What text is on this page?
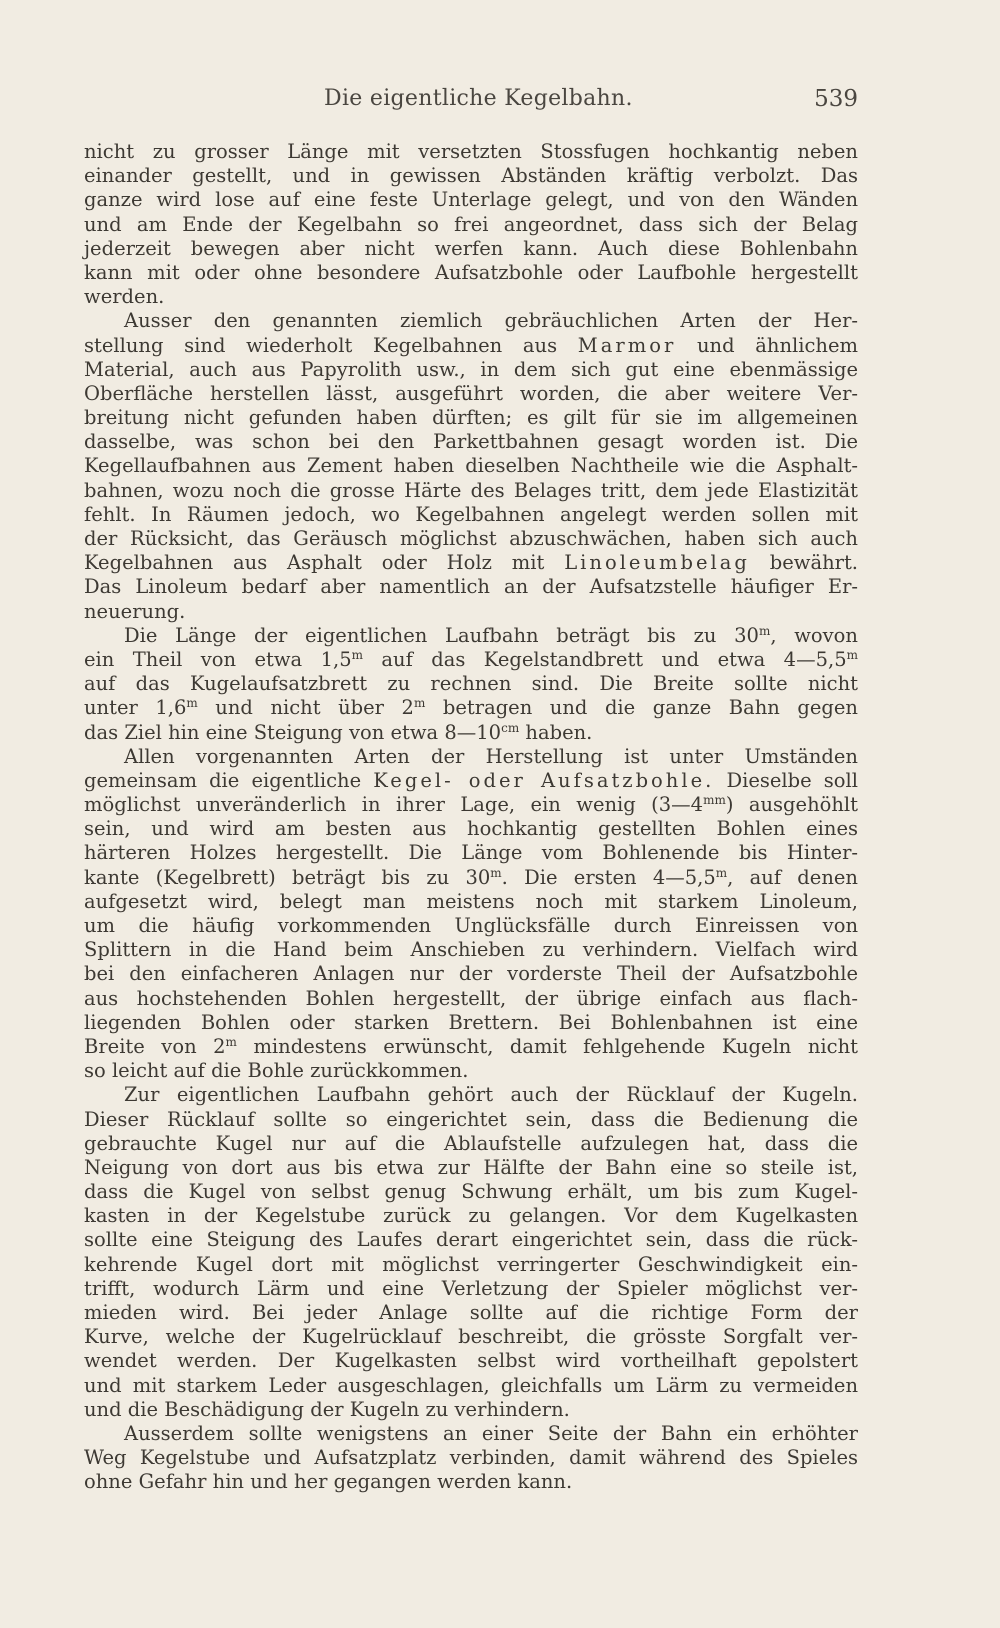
Die eigentliche Kegelbahn.	539
nicht zu grosser Länge mit versetzten Stossfugen hochkantig neben
einander gestellt, und in gewissen Abständen kräftig verbolzt. Das
ganze wird lose auf eine feste Unterlage gelegt, und von den Wänden
und am Ende der Kegelbahn so frei angeordnet, dass sich der Belag
jederzeit bewegen aber nicht werfen kann. Auch diese Bohlenbahn
kann mit oder ohne besondere Aufsatzbohle oder Laufbohle hergestellt
werden.
Ausser den genannten ziemlich gebräuchlichen Arten der Her-
stellung sind wiederholt Kegelbahnen aus Marmor und ähnlichem
Material, auch aus Papyrolith usw., in dem sich gut eine ebenmässige
Oberfläche herstellen lässt, ausgeführt worden, die aber weitere Ver-
breitung nicht gefunden haben dürften; es gilt für sie im allgemeinen
dasselbe, was schon bei den Parkettbahnen gesagt worden ist. Die
Kegellaufbahnen aus Zement haben dieselben Nachtheile wie die Asphalt-
bahnen, wozu noch die grosse Härte des Belages tritt, dem jede Elastizität
fehlt. In Räumen jedoch, wo Kegelbahnen angelegt werden sollen mit
der Rücksicht, das Geräusch möglichst abzuschwächen, haben sich auch
Kegelbahnen aus Asphalt oder Holz mit Linoleumbelag bewährt.
Das Linoleum bedarf aber namentlich an der Aufsatzstelle häufiger Er-
neuerung.
Die Länge der eigentlichen Laufbahn beträgt bis zu 30$^m$, wovon
ein Theil von etwa 1,5$^m$ auf das Kegelstandbrett und etwa 4—5,5$^m$
auf das Kugelaufsatzbrett zu rechnen sind. Die Breite sollte nicht
unter 1,6$^m$ und nicht über 2$^m$ betragen und die ganze Bahn gegen
das Ziel hin eine Steigung von etwa $8—10^{cm}$ haben.
Allen vorgenannten Arten der Herstellung ist unter Umständen
gemeinsam die eigentliche Kegel- oder Aufsatzbohle. Dieselbe soll
möglichst unveränderlich in ihrer Lage, ein wenig $(3—4^{mm})$ ausgehöhlt
sein, und wird am besten aus hochkantig gestellten Bohlen eines
härteren Holzes hergestellt. Die Länge vom Bohlenende bis Hinter-
kante (Kegelbrett) beträgt bis zu 30$^m$. Die ersten 4—5,5$^m$, auf denen
aufgesetzt wird, belegt man meistens noch mit starkem Linoleum,
um die häufig vorkommenden Unglücksfälle durch Einreissen von
Splittern in die Hand beim Anschieben zu verhindern. Vielfach wird
bei den einfacheren Anlagen nur der vorderste Theil der Aufsatzbohle
aus hochstehenden Bohlen hergestellt, der übrige einfach aus flach-
liegenden Bohlen oder starken Brettern. Bei Bohlenbahnen ist eine
Breite von 2$^m$ mindestens erwünscht, damit fehlgehende Kugeln nicht
so leicht auf die Bohle zurückkommen.
Zur eigentlichen Laufbahn gehört auch der Rücklauf der Kugeln.
Dieser Rücklauf sollte so eingerichtet sein, dass die Bedienung die
gebrauchte Kugel nur auf die Ablaufstelle aufzulegen hat, dass die
Neigung von dort aus bis etwa zur Hälfte der Bahn eine so steile ist,
dass die Kugel von selbst genug Schwung erhält, um bis zum Kugel-
kasten in der Kegelstube zurück zu gelangen. Vor dem Kugelkasten
sollte eine Steigung des Laufes derart eingerichtet sein, dass die rück-
kehrende Kugel dort mit möglichst verringerter Geschwindigkeit ein-
trifft, wodurch Lärm und eine Verletzung der Spieler möglichst ver-
mieden wird. Bei jeder Anlage sollte auf die richtige Form der
Kurve, welche der Kugelrücklauf beschreibt, die grösste Sorgfalt ver-
wendet werden. Der Kugelkasten selbst wird vortheilhaft gepolstert
und mit starkem Leder ausgeschlagen, gleichfalls um Lärm zu vermeiden
und die Beschädigung der Kugeln zu verhindern.
Ausserdem sollte wenigstens an einer Seite der Bahn ein erhöhter
Weg Kegelstube und Aufsatzplatz verbinden, damit während des Spieles
ohne Gefahr hin und her gegangen werden kann.
